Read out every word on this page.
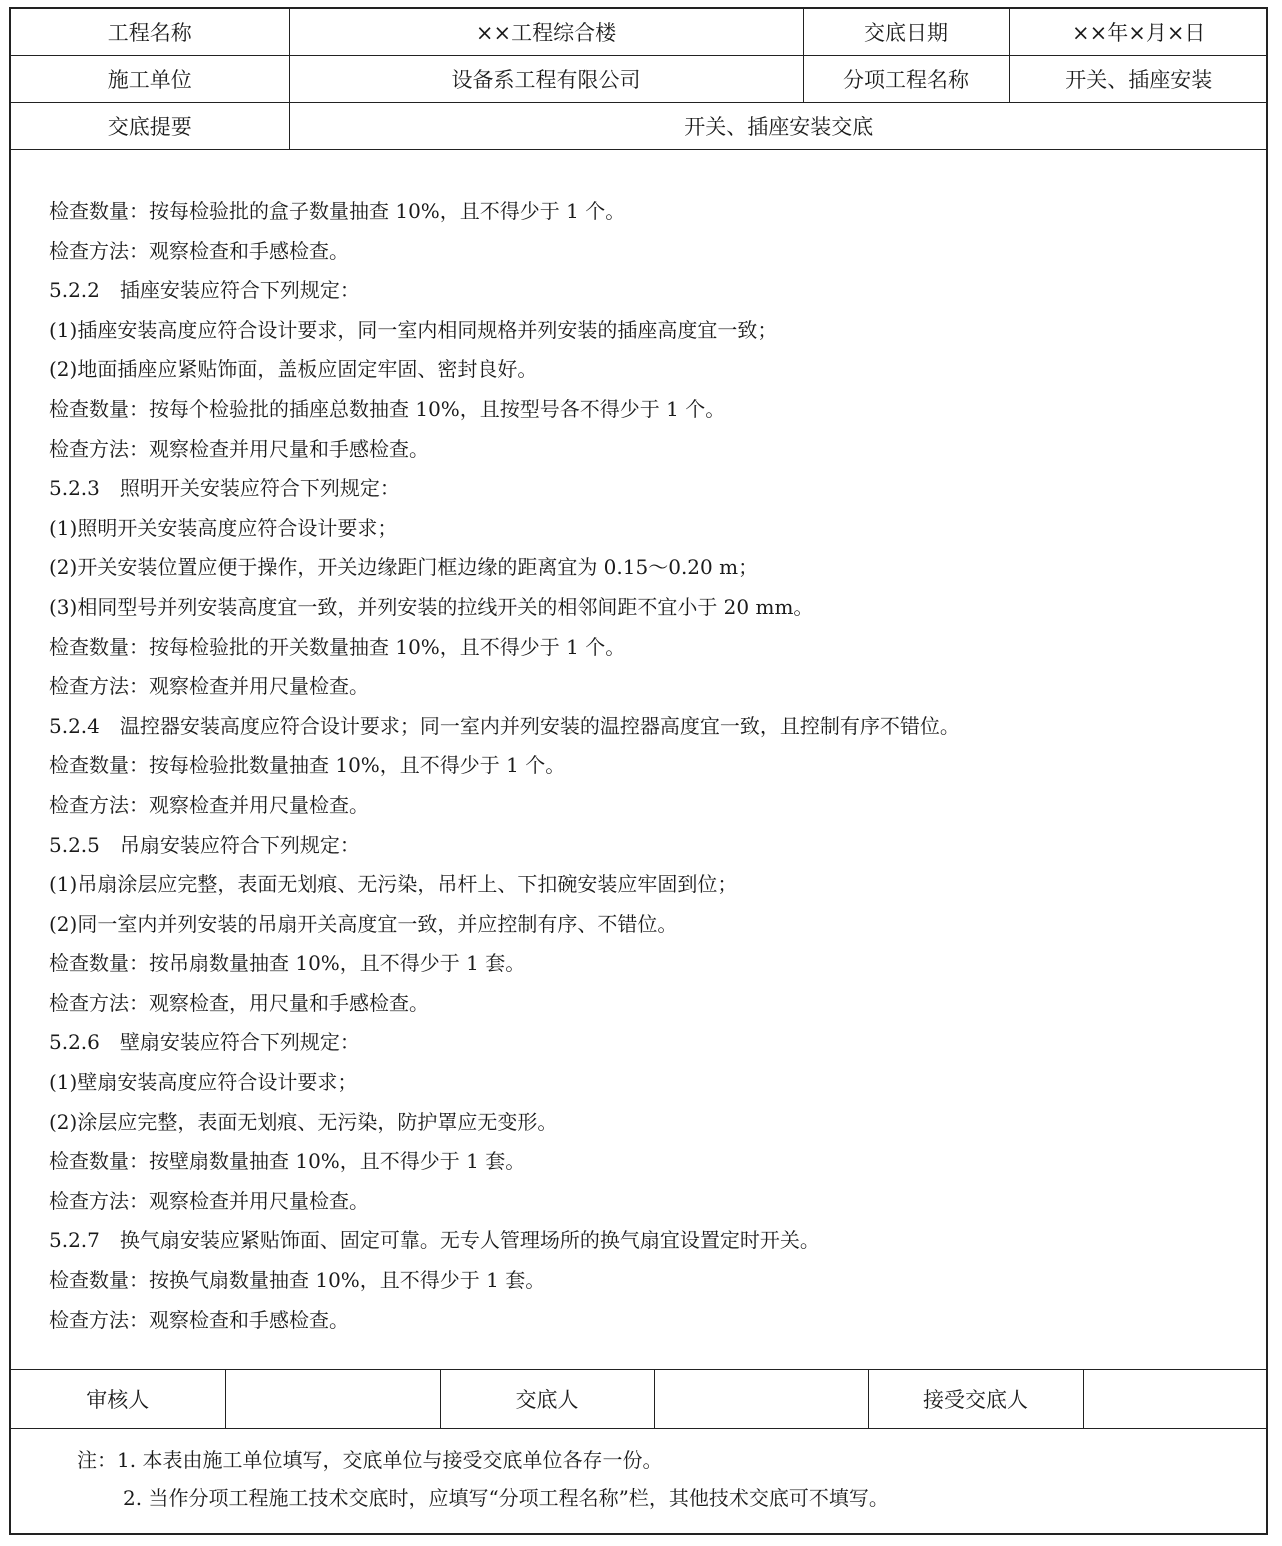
工程名称	××工程综合楼	交底日期	××年×月×日
施工单位	设备系工程有限公司	分项工程名称	开关、插座安装
交底提要	开关、插座安装交底		
检查数量：按每检验批的盒子数量抽查 10%，且不得少于 1 个。
检查方法：观察检查和手感检查。
5.2.2　插座安装应符合下列规定：
(1)插座安装高度应符合设计要求，同一室内相同规格并列安装的插座高度宜一致；
(2)地面插座应紧贴饰面，盖板应固定牢固、密封良好。
检查数量：按每个检验批的插座总数抽查 10%，且按型号各不得少于 1 个。
检查方法：观察检查并用尺量和手感检查。
5.2.3　照明开关安装应符合下列规定：
(1)照明开关安装高度应符合设计要求；
(2)开关安装位置应便于操作，开关边缘距门框边缘的距离宜为 0.15～0.20 m；
(3)相同型号并列安装高度宜一致，并列安装的拉线开关的相邻间距不宜小于 20 mm。
检查数量：按每检验批的开关数量抽查 10%，且不得少于 1 个。
检查方法：观察检查并用尺量检查。
5.2.4　温控器安装高度应符合设计要求；同一室内并列安装的温控器高度宜一致，且控制有序不错位。
检查数量：按每检验批数量抽查 10%，且不得少于 1 个。
检查方法：观察检查并用尺量检查。
5.2.5　吊扇安装应符合下列规定：
(1)吊扇涂层应完整，表面无划痕、无污染，吊杆上、下扣碗安装应牢固到位；
(2)同一室内并列安装的吊扇开关高度宜一致，并应控制有序、不错位。
检查数量：按吊扇数量抽查 10%，且不得少于 1 套。
检查方法：观察检查，用尺量和手感检查。
5.2.6　壁扇安装应符合下列规定：
(1)壁扇安装高度应符合设计要求；
(2)涂层应完整，表面无划痕、无污染，防护罩应无变形。
检查数量：按壁扇数量抽查 10%，且不得少于 1 套。
检查方法：观察检查并用尺量检查。
5.2.7　换气扇安装应紧贴饰面、固定可靠。无专人管理场所的换气扇宜设置定时开关。
检查数量：按换气扇数量抽查 10%，且不得少于 1 套。
检查方法：观察检查和手感检查。
审核人		交底人		接受交底人	
注：1. 本表由施工单位填写，交底单位与接受交底单位各存一份。
2. 当作分项工程施工技术交底时，应填写“分项工程名称”栏，其他技术交底可不填写。
